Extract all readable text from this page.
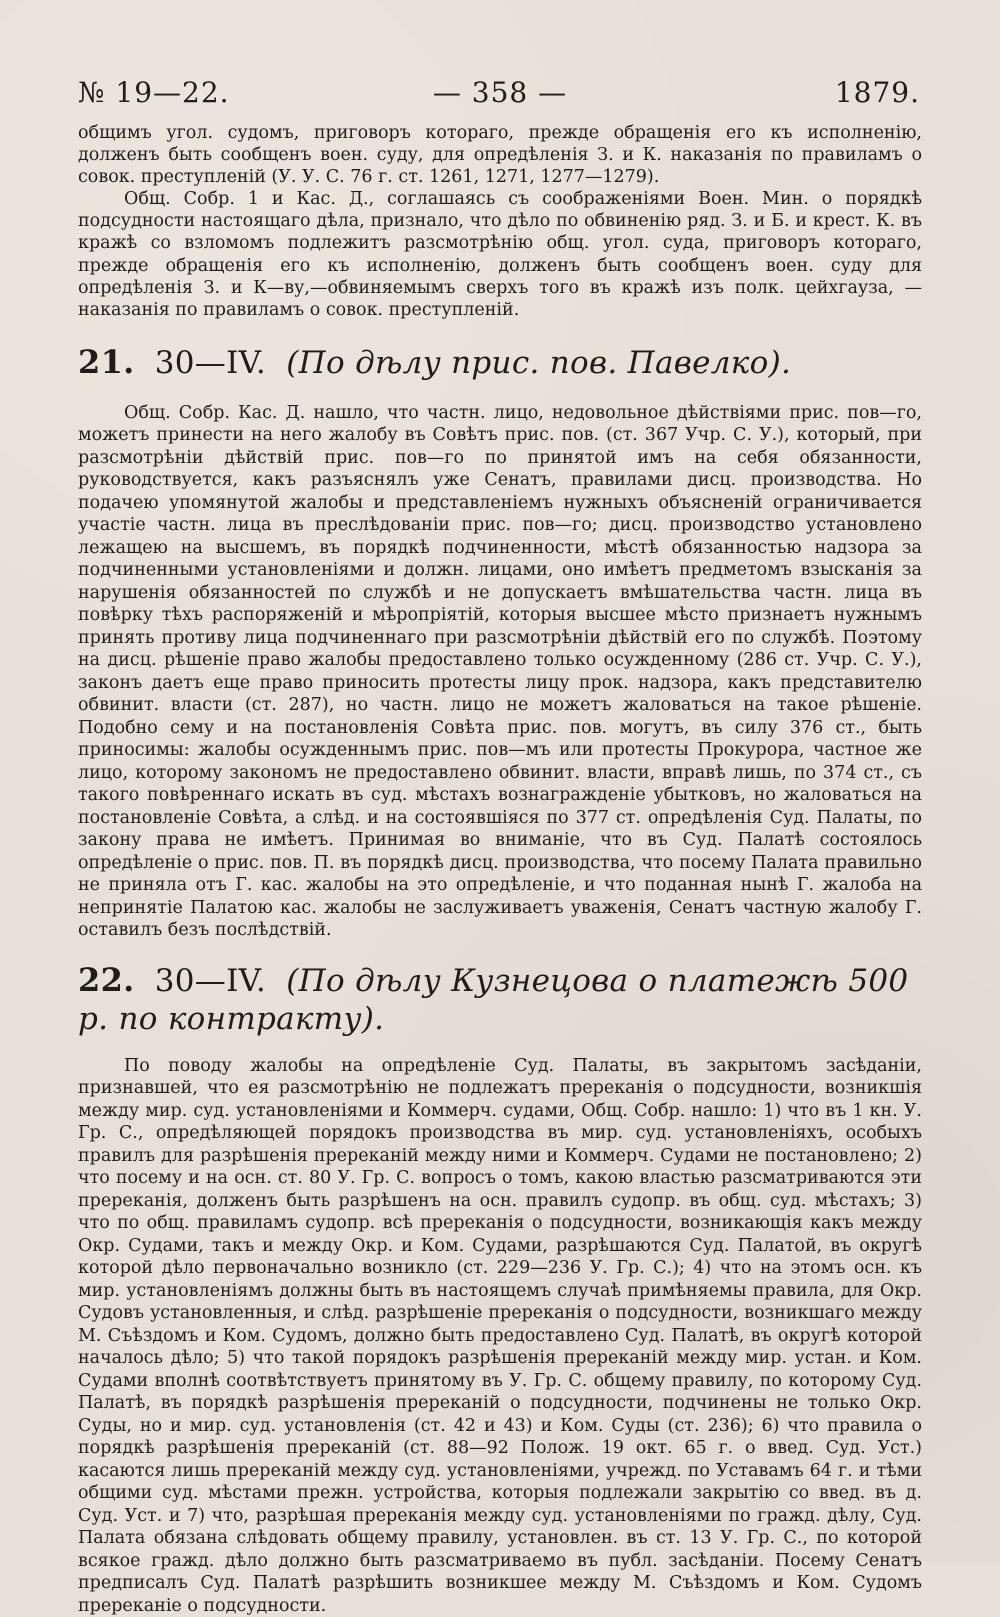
№ 19—22.	— 358 —	1879.

общимъ угол. судомъ, приговоръ котораго, прежде обращенія его къ исполненію, долженъ быть сообщенъ воен. суду, для опредѣленія З. и К. наказанія по правиламъ о совок. преступленій (У. У. С. 76 г. ст. 1261, 1271, 1277—1279).

Общ. Собр. 1 и Кас. Д., соглашаясь съ соображеніями Воен. Мин. о порядкѣ подсудности настоящаго дѣла, признало, что дѣло по обвиненію ряд. З. и Б. и крест. К. въ кражѣ со взломомъ подлежитъ разсмотрѣнію общ. угол. суда, приговоръ котораго, прежде обращенія его къ исполненію, долженъ быть сообщенъ воен. суду для опредѣленія З. и К—ву,—обвиняемымъ сверхъ того въ кражѣ изъ полк. цейхгауза, — наказанія по правиламъ о совок. преступленій.

21. 30—IV. (По дѣлу прис. пов. Павелко).

Общ. Собр. Кас. Д. нашло, что частн. лицо, недовольное дѣйствіями прис. пов—го, можетъ принести на него жалобу въ Совѣтъ прис. пов. (ст. 367 Учр. С. У.), который, при разсмотрѣніи дѣйствій прис. пов—го по принятой имъ на себя обязанности, руководствуется, какъ разъяснялъ уже Сенатъ, правилами дисц. производства. Но подачею упомянутой жалобы и представленіемъ нужныхъ объясненій ограничивается участіе частн. лица въ преслѣдованіи прис. пов—го; дисц. производство установлено лежащею на высшемъ, въ порядкѣ подчиненности, мѣстѣ обязанностью надзора за подчиненными установленіями и должн. лицами, оно имѣетъ предметомъ взысканія за нарушенія обязанностей по службѣ и не допускаетъ вмѣшательства частн. лица въ повѣрку тѣхъ распоряженій и мѣропріятій, которыя высшее мѣсто признаетъ нужнымъ принять противу лица подчиненнаго при разсмотрѣніи дѣйствій его по службѣ. Поэтому на дисц. рѣшеніе право жалобы предоставлено только осужденному (286 ст. Учр. С. У.), законъ даетъ еще право приносить протесты лицу прок. надзора, какъ представителю обвинит. власти (ст. 287), но частн. лицо не можетъ жаловаться на такое рѣшеніе. Подобно сему и на постановленія Совѣта прис. пов. могутъ, въ силу 376 ст., быть приносимы: жалобы осужденнымъ прис. пов—мъ или протесты Прокурора, частное же лицо, которому закономъ не предоставлено обвинит. власти, вправѣ лишь, по 374 ст., съ такого повѣреннаго искать въ суд. мѣстахъ вознагражденіе убытковъ, но жаловаться на постановленіе Совѣта, а слѣд. и на состоявшіяся по 377 ст. опредѣленія Суд. Палаты, по закону права не имѣетъ. Принимая во вниманіе, что въ Суд. Палатѣ состоялось опредѣленіе о прис. пов. П. въ порядкѣ дисц. производства, что посему Палата правильно не приняла отъ Г. кас. жалобы на это опредѣленіе, и что поданная нынѣ Г. жалоба на непринятіе Палатою кас. жалобы не заслуживаетъ уваженія, Сенатъ частную жалобу Г. оставилъ безъ послѣдствій.

22. 30—IV. (По дѣлу Кузнецова о платежѣ 500 р. по контракту).

По поводу жалобы на опредѣленіе Суд. Палаты, въ закрытомъ засѣданіи, признавшей, что ея разсмотрѣнію не подлежатъ пререканія о подсудности, возникшія между мир. суд. установленіями и Коммерч. судами, Общ. Собр. нашло: 1) что въ 1 кн. У. Гр. С., опредѣляющей порядокъ производства въ мир. суд. установленіяхъ, особыхъ правилъ для разрѣшенія пререканій между ними и Коммерч. Судами не постановлено; 2) что посему и на осн. ст. 80 У. Гр. С. вопросъ о томъ, какою властью разсматриваются эти пререканія, долженъ быть разрѣшенъ на осн. правилъ судопр. въ общ. суд. мѣстахъ; 3) что по общ. правиламъ судопр. всѣ пререканія о подсудности, возникающія какъ между Окр. Судами, такъ и между Окр. и Ком. Судами, разрѣшаются Суд. Палатой, въ округѣ которой дѣло первоначально возникло (ст. 229—236 У. Гр. С.); 4) что на этомъ осн. къ мир. установленіямъ должны быть въ настоящемъ случаѣ примѣняемы правила, для Окр. Судовъ установленныя, и слѣд. разрѣшеніе пререканія о подсудности, возникшаго между М. Съѣздомъ и Ком. Судомъ, должно быть предоставлено Суд. Палатѣ, въ округѣ которой началось дѣло; 5) что такой порядокъ разрѣшенія пререканій между мир. устан. и Ком. Судами вполнѣ соотвѣтствуетъ принятому въ У. Гр. С. общему правилу, по которому Суд. Палатѣ, въ порядкѣ разрѣшенія пререканій о подсудности, подчинены не только Окр. Суды, но и мир. суд. установленія (ст. 42 и 43) и Ком. Суды (ст. 236); 6) что правила о порядкѣ разрѣшенія пререканій (ст. 88—92 Полож. 19 окт. 65 г. о введ. Суд. Уст.) касаются лишь пререканій между суд. установленіями, учрежд. по Уставамъ 64 г. и тѣми общими суд. мѣстами прежн. устройства, которыя подлежали закрытію со введ. въ д. Суд. Уст. и 7) что, разрѣшая пререканія между суд. установленіями по гражд. дѣлу, Суд. Палата обязана слѣдовать общему правилу, установлен. въ ст. 13 У. Гр. С., по которой всякое гражд. дѣло должно быть разсматриваемо въ публ. засѣданіи. Посему Сенатъ предписалъ Суд. Палатѣ разрѣшить возникшее между М. Съѣздомъ и Ком. Судомъ пререканіе о подсудности.
